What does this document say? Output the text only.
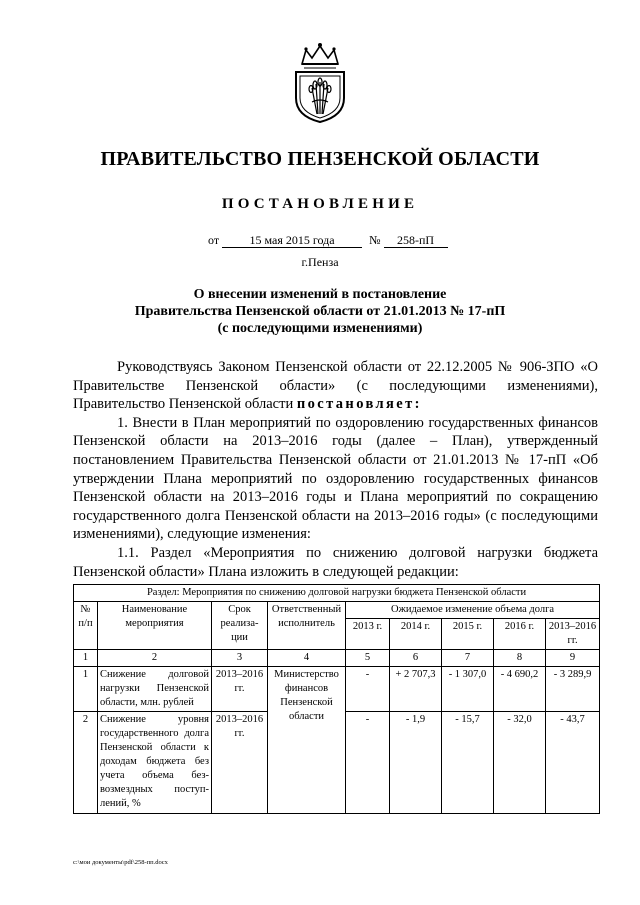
ПРАВИТЕЛЬСТВО ПЕНЗЕНСКОЙ ОБЛАСТИ
ПОСТАНОВЛЕНИЕ
от	15 мая 2015 года	№ 258-пП
г.Пенза
О внесении изменений в постановление
Правительства Пензенской области от 21.01.2013 № 17-пП
(с последующими изменениями)

Руководствуясь Законом Пензенской области от 22.12.2005 № 906-ЗПО «О Правительстве Пензенской области» (с последующими изменениями), Правительство Пензенской области постановляет:

1. Внести в План мероприятий по оздоровлению государственных финансов Пензенской области на 2013–2016 годы (далее – План), утвержденный постановлением Правительства Пензенской области от 21.01.2013 № 17-пП «Об утверждении Плана мероприятий по оздоровлению государственных финансов Пензенской области на 2013–2016 годы и Плана мероприятий по сокращению государственного долга Пензенской области на 2013–2016 годы» (с последующими изменениями), следующие изменения:

1.1. Раздел «Мероприятия по снижению долговой нагрузки бюджета Пензенской области» Плана изложить в следующей редакции:

Раздел: Мероприятия по снижению долговой нагрузки бюджета Пензенской области								
№ п/п	Наименование мероприятия	Срок реализа-ции	Ответственный исполнитель	Ожидаемое изменение объема долга				
				2013 г.	2014 г.	2015 г.	2016 г.	2013–2016 гг.
1	2	3	4	5	6	7	8	9
1	Снижение долговой нагрузки Пензенской области, млн. рублей	2013–2016 гг.	Министерство финансов Пензенской области	-	+ 2 707,3	- 1 307,0	- 4 690,2	- 3 289,9
2	Снижение уровня государственного долга Пензенской области к доходам бюджета без учета объема без-возмездных поступ-лений, %	2013–2016 гг.		-	- 1,9	- 15,7	- 32,0	- 43,7
c:\мои документы\pdf\258-пп.docx
